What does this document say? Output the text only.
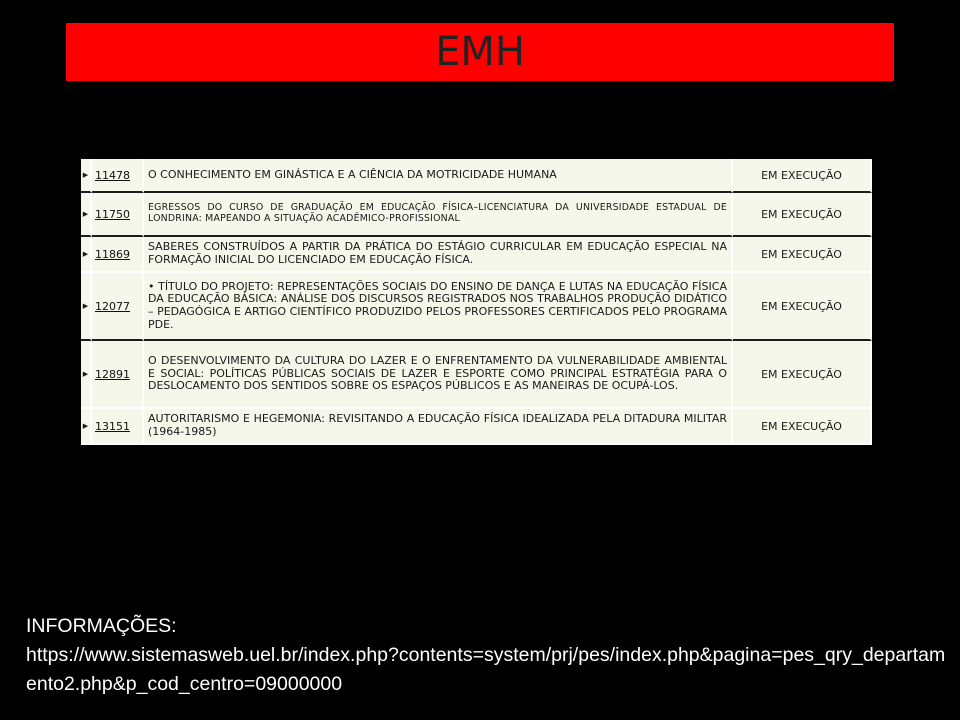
EMH
▶	11478	O CONHECIMENTO EM GINÁSTICA E A CIÊNCIA DA MOTRICIDADE HUMANA	EM EXECUÇÃO
▶	11750	EGRESSOS DO CURSO DE GRADUAÇÃO EM EDUCAÇÃO FÍSICA–LICENCIATURA DA UNIVERSIDADE ESTADUAL DE LONDRINA: MAPEANDO A SITUAÇÃO ACADÊMICO-PROFISSIONAL	EM EXECUÇÃO
▶	11869	SABERES CONSTRUÍDOS A PARTIR DA PRÁTICA DO ESTÁGIO CURRICULAR EM EDUCAÇÃO ESPECIAL NA FORMAÇÃO INICIAL DO LICENCIADO EM EDUCAÇÃO FÍSICA.	EM EXECUÇÃO
▶	12077	• TÍTULO DO PROJETO: REPRESENTAÇÕES SOCIAIS DO ENSINO DE DANÇA E LUTAS NA EDUCAÇÃO FÍSICA DA EDUCAÇÃO BÁSICA: ANÁLISE DOS DISCURSOS REGISTRADOS NOS TRABALHOS PRODUÇÃO DIDÁTICO – PEDAGÓGICA E ARTIGO CIENTÍFICO PRODUZIDO PELOS PROFESSORES CERTIFICADOS PELO PROGRAMA PDE.	EM EXECUÇÃO
▶	12891	O DESENVOLVIMENTO DA CULTURA DO LAZER E O ENFRENTAMENTO DA VULNERABILIDADE AMBIENTAL E SOCIAL: POLÍTICAS PÚBLICAS SOCIAIS DE LAZER E ESPORTE COMO PRINCIPAL ESTRATÉGIA PARA O DESLOCAMENTO DOS SENTIDOS SOBRE OS ESPAÇOS PÚBLICOS E AS MANEIRAS DE OCUPÁ-LOS.	EM EXECUÇÃO
▶	13151	AUTORITARISMO E HEGEMONIA: REVISITANDO A EDUCAÇÃO FÍSICA IDEALIZADA PELA DITADURA MILITAR (1964-1985)	EM EXECUÇÃO
INFORMAÇÕES:
https://www.sistemasweb.uel.br/index.php?contents=system/prj/pes/index.php&pagina=pes_qry_departamento2.php&p_cod_centro=09000000
